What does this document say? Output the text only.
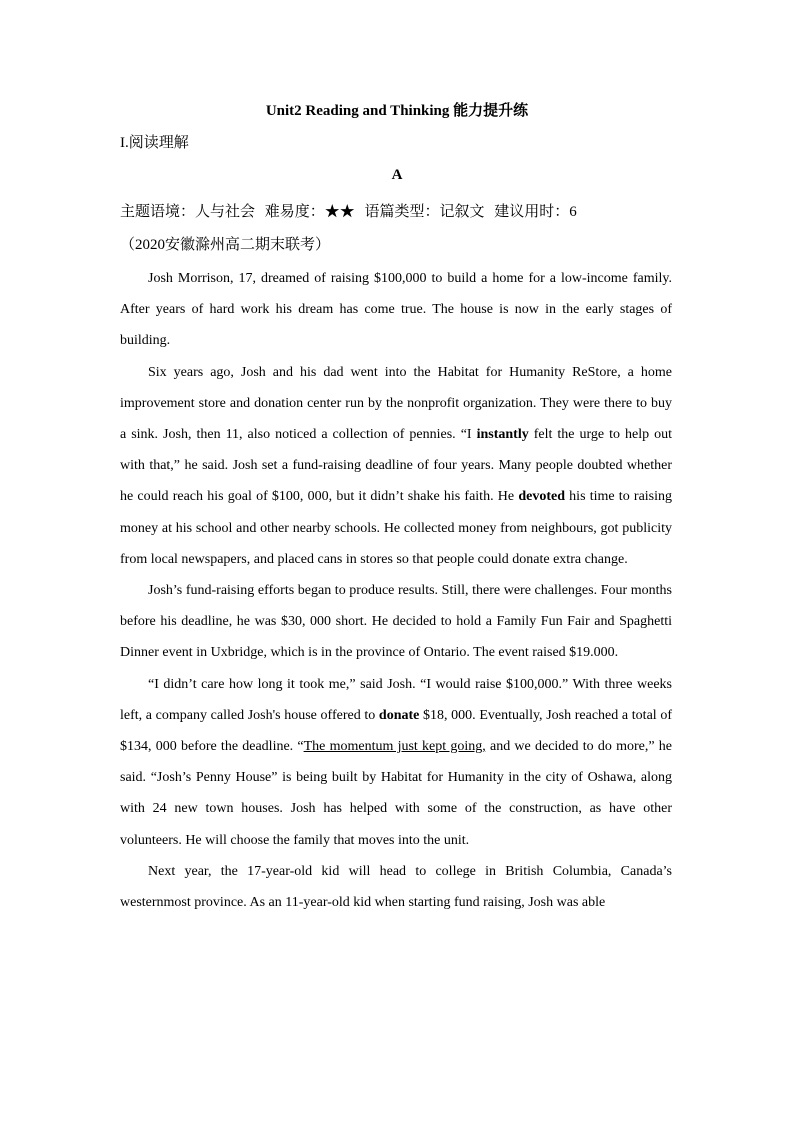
Unit2 Reading and Thinking 能力提升练
I.阅读理解
A
主题语境：人与社会 难易度：★★ 语篇类型：记叙文 建议用时：6
（2020安徽滁州高二期末联考）

Josh Morrison, 17, dreamed of raising $100,000 to build a home for a low-income family. After years of hard work his dream has come true. The house is now in the early stages of building.

Six years ago, Josh and his dad went into the Habitat for Humanity ReStore, a home improvement store and donation center run by the nonprofit organization. They were there to buy a sink. Josh, then 11, also noticed a collection of pennies. “I instantly felt the urge to help out with that,” he said. Josh set a fund-raising deadline of four years. Many people doubted whether he could reach his goal of $100, 000, but it didn’t shake his faith. He devoted his time to raising money at his school and other nearby schools. He collected money from neighbours, got publicity from local newspapers, and placed cans in stores so that people could donate extra change.

Josh’s fund-raising efforts began to produce results. Still, there were challenges. Four months before his deadline, he was $30, 000 short. He decided to hold a Family Fun Fair and Spaghetti Dinner event in Uxbridge, which is in the province of Ontario. The event raised $19.000.

“I didn’t care how long it took me,” said Josh. “I would raise $100,000.” With three weeks left, a company called Josh's house offered to donate $18, 000. Eventually, Josh reached a total of $134, 000 before the deadline. “The momentum just kept going, and we decided to do more,” he said. “Josh’s Penny House” is being built by Habitat for Humanity in the city of Oshawa, along with 24 new town houses. Josh has helped with some of the construction, as have other volunteers. He will choose the family that moves into the unit.

Next year, the 17-year-old kid will head to college in British Columbia, Canada’s westernmost province. As an 11-year-old kid when starting fund raising, Josh was able
